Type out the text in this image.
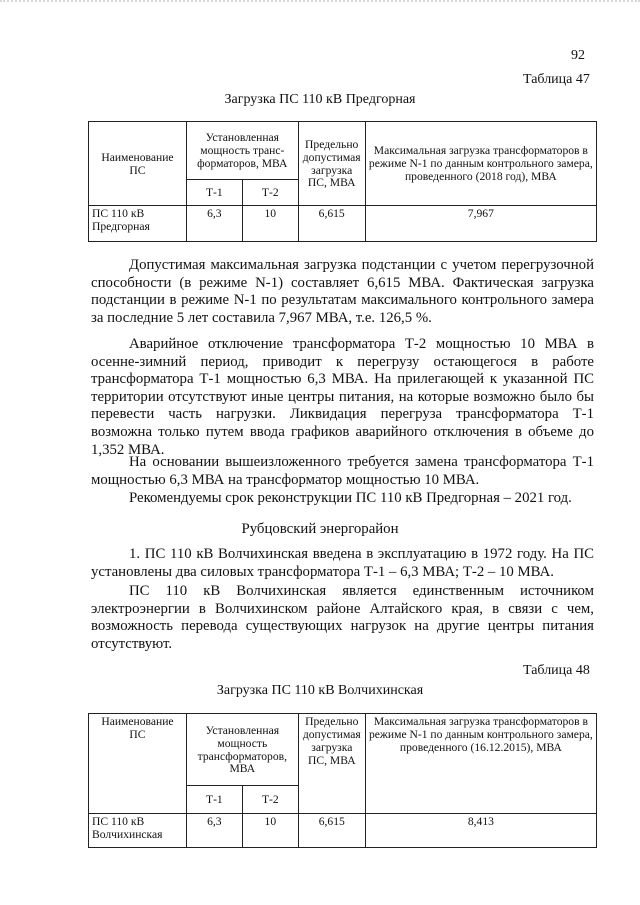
92
Таблица 47
Загрузка ПС 110 кВ Предгорная
Наименование ПС	Установленная мощность транс-форматоров, МВА		Предельно допустимая загрузка ПС, МВА	Максимальная загрузка трансформаторов в режиме N-1 по данным контрольного замера, проведенного (2018 год), МВА
	Т-1	Т-2		
ПС 110 кВ Предгорная	6,3	10	6,615	7,967

Допустимая максимальная загрузка подстанции с учетом перегрузочной способности (в режиме N-1) составляет 6,615 МВА. Фактическая загрузка подстанции в режиме N-1 по результатам максимального контрольного замера за последние 5 лет составила 7,967 МВА, т.е. 126,5 %.

Аварийное отключение трансформатора Т-2 мощностью 10 МВА в осенне-зимний период, приводит к перегрузу остающегося в работе трансформатора Т-1 мощностью 6,3 МВА. На прилегающей к указанной ПС территории отсутствуют иные центры питания, на которые возможно было бы перевести часть нагрузки. Ликвидация перегруза трансформатора Т-1 возможна только путем ввода графиков аварийного отключения в объеме до 1,352 МВА.

На основании вышеизложенного требуется замена трансформатора Т-1 мощностью 6,3 МВА на трансформатор мощностью 10 МВА.

Рекомендуемы срок реконструкции ПС 110 кВ Предгорная – 2021 год.

Рубцовский энергорайон

1. ПС 110 кВ Волчихинская введена в эксплуатацию в 1972 году. На ПС установлены два силовых трансформатора Т-1 – 6,3 МВА; Т-2 – 10 МВА.

ПС 110 кВ Волчихинская является единственным источником электроэнергии в Волчихинском районе Алтайского края, в связи с чем, возможность перевода существующих нагрузок на другие центры питания отсутствуют.

Таблица 48
Загрузка ПС 110 кВ Волчихинская
Наименование ПС	Установленная мощность трансформаторов, МВА		Предельно допустимая загрузка ПС, МВА	Максимальная загрузка трансформаторов в режиме N-1 по данным контрольного замера, проведенного (16.12.2015), МВА
	Т-1	Т-2		
ПС 110 кВ Волчихинская	6,3	10	6,615	8,413
